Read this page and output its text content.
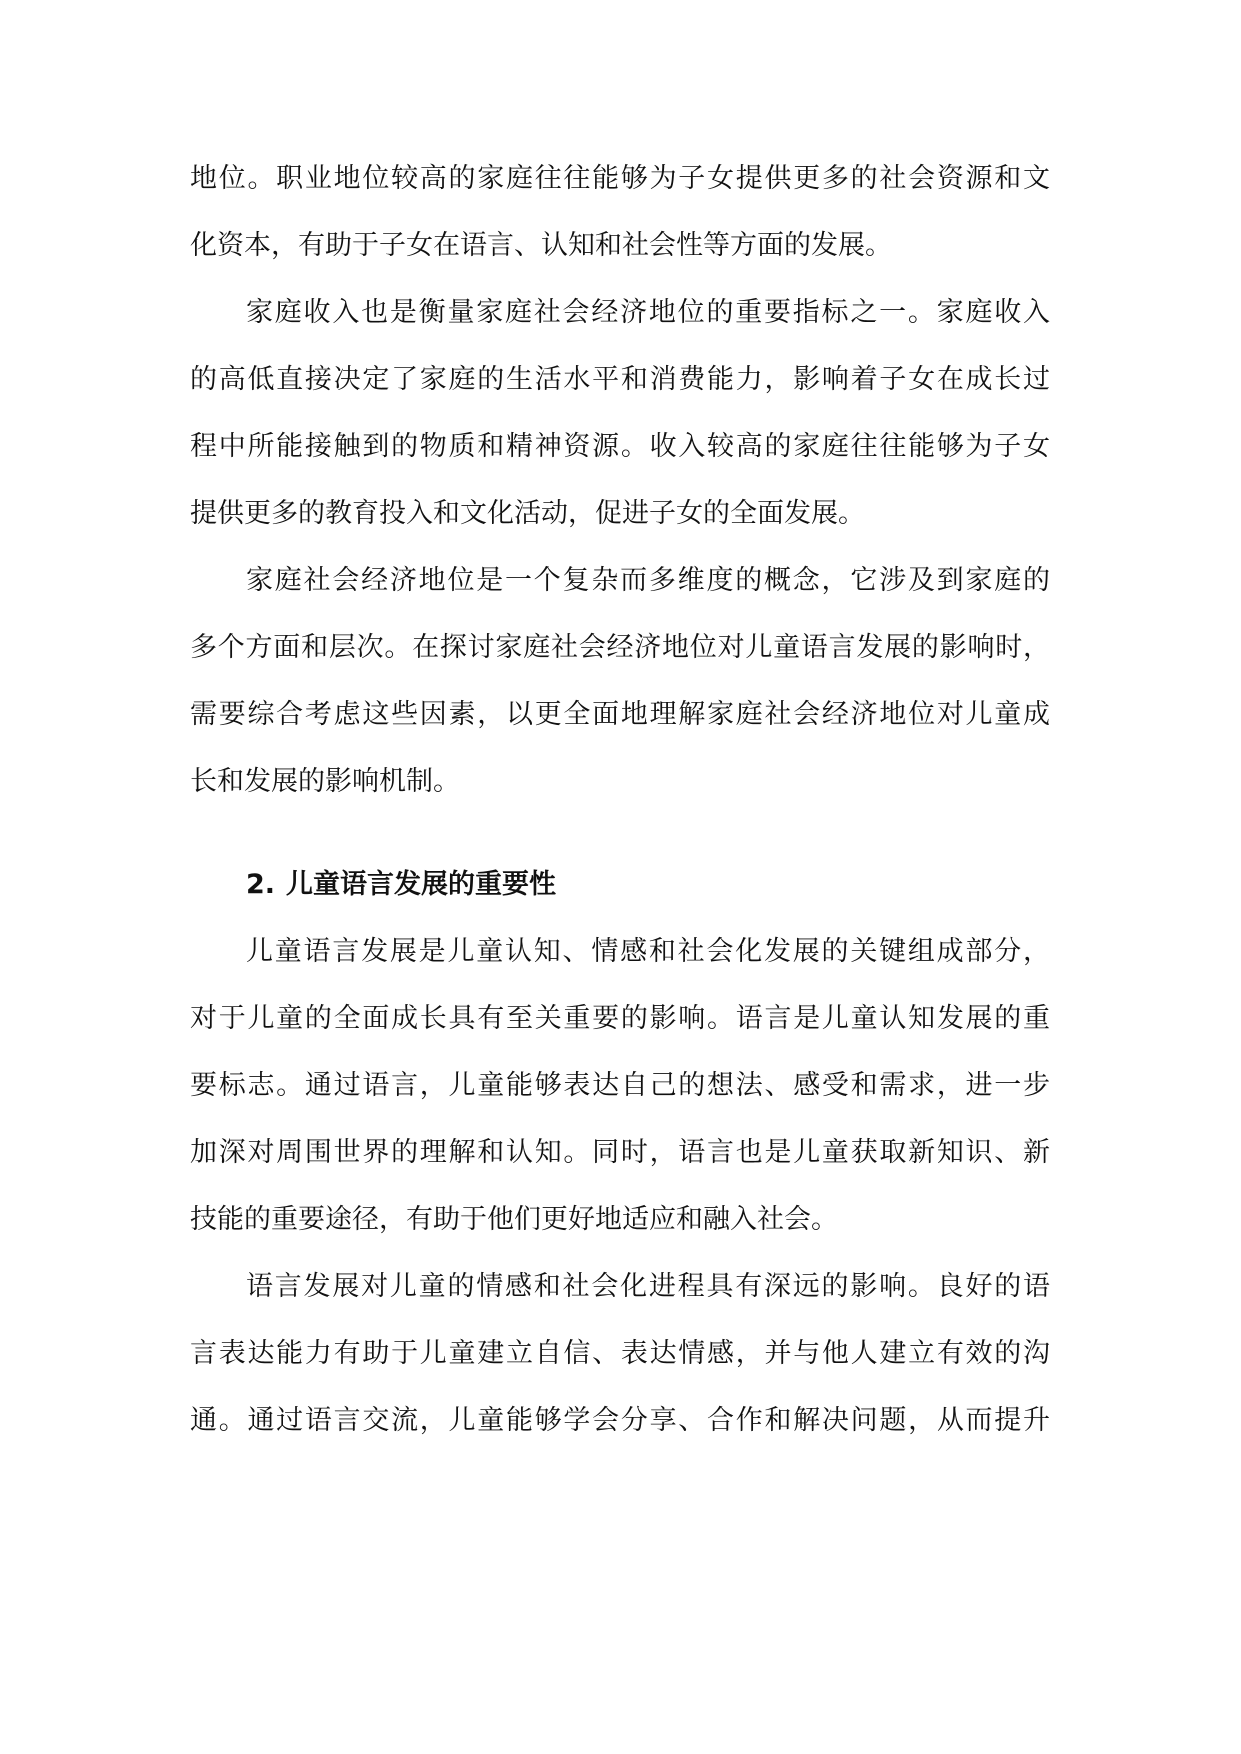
地位。职业地位较高的家庭往往能够为子女提供更多的社会资源和文
化资本，有助于子女在语言、认知和社会性等方面的发展。
家庭收入也是衡量家庭社会经济地位的重要指标之一。家庭收入
的高低直接决定了家庭的生活水平和消费能力，影响着子女在成长过
程中所能接触到的物质和精神资源。收入较高的家庭往往能够为子女
提供更多的教育投入和文化活动，促进子女的全面发展。
家庭社会经济地位是一个复杂而多维度的概念，它涉及到家庭的
多个方面和层次。在探讨家庭社会经济地位对儿童语言发展的影响时，
需要综合考虑这些因素，以更全面地理解家庭社会经济地位对儿童成
长和发展的影响机制。
2. 儿童语言发展的重要性
儿童语言发展是儿童认知、情感和社会化发展的关键组成部分，
对于儿童的全面成长具有至关重要的影响。语言是儿童认知发展的重
要标志。通过语言，儿童能够表达自己的想法、感受和需求，进一步
加深对周围世界的理解和认知。同时，语言也是儿童获取新知识、新
技能的重要途径，有助于他们更好地适应和融入社会。
语言发展对儿童的情感和社会化进程具有深远的影响。良好的语
言表达能力有助于儿童建立自信、表达情感，并与他人建立有效的沟
通。通过语言交流，儿童能够学会分享、合作和解决问题，从而提升
